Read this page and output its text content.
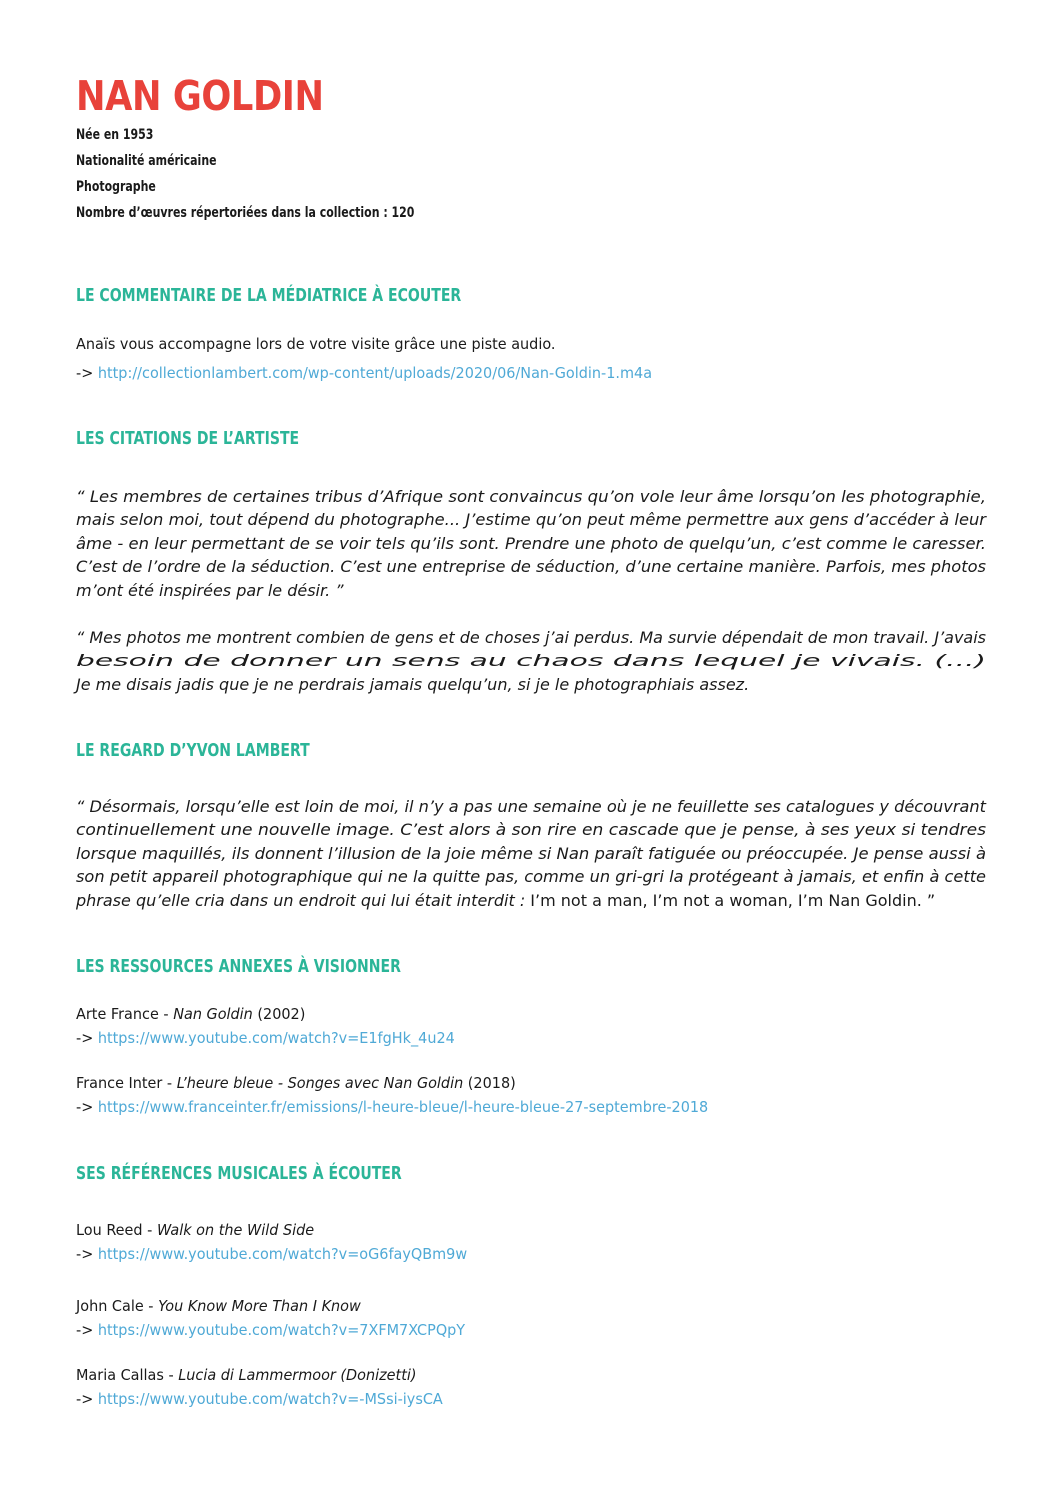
NAN GOLDIN
Née en 1953
Nationalité américaine
Photographe
Nombre d’œuvres répertoriées dans la collection : 120
LE COMMENTAIRE DE LA MÉDIATRICE À ECOUTER
Anaïs vous accompagne lors de votre visite grâce une piste audio.
-> http://collectionlambert.com/wp-content/uploads/2020/06/Nan-Goldin-1.m4a
LES CITATIONS DE L’ARTISTE
“ Les membres de certaines tribus d’Afrique sont convaincus qu’on vole leur âme lorsqu’on les photographie,
mais selon moi, tout dépend du photographe... J’estime qu’on peut même permettre aux gens d’accéder à leur
âme - en leur permettant de se voir tels qu’ils sont. Prendre une photo de quelqu’un, c’est comme le caresser.
C’est de l’ordre de la séduction. C’est une entreprise de séduction, d’une certaine manière. Parfois, mes photos
m’ont été inspirées par le désir. ”
“ Mes photos me montrent combien de gens et de choses j’ai perdus. Ma survie dépendait de mon travail. J’avais
besoin de donner un sens au chaos dans lequel je vivais. (...)
Je me disais jadis que je ne perdrais jamais quelqu’un, si je le photographiais assez.
LE REGARD D’YVON LAMBERT
“ Désormais, lorsqu’elle est loin de moi, il n’y a pas une semaine où je ne feuillette ses catalogues y découvrant
continuellement une nouvelle image. C’est alors à son rire en cascade que je pense, à ses yeux si tendres
lorsque maquillés, ils donnent l’illusion de la joie même si Nan paraît fatiguée ou préoccupée. Je pense aussi à
son petit appareil photographique qui ne la quitte pas, comme un gri-gri la protégeant à jamais, et enfin à cette
phrase qu’elle cria dans un endroit qui lui était interdit : I’m not a man, I’m not a woman, I’m Nan Goldin. ”
LES RESSOURCES ANNEXES À VISIONNER
Arte France - Nan Goldin (2002)
-> https://www.youtube.com/watch?v=E1fgHk_4u24
France Inter - L’heure bleue - Songes avec Nan Goldin (2018)
-> https://www.franceinter.fr/emissions/l-heure-bleue/l-heure-bleue-27-septembre-2018
SES RÉFÉRENCES MUSICALES À ÉCOUTER
Lou Reed - Walk on the Wild Side
-> https://www.youtube.com/watch?v=oG6fayQBm9w
John Cale - You Know More Than I Know
-> https://www.youtube.com/watch?v=7XFM7XCPQpY
Maria Callas - Lucia di Lammermoor (Donizetti)
-> https://www.youtube.com/watch?v=-MSsi-iysCA
